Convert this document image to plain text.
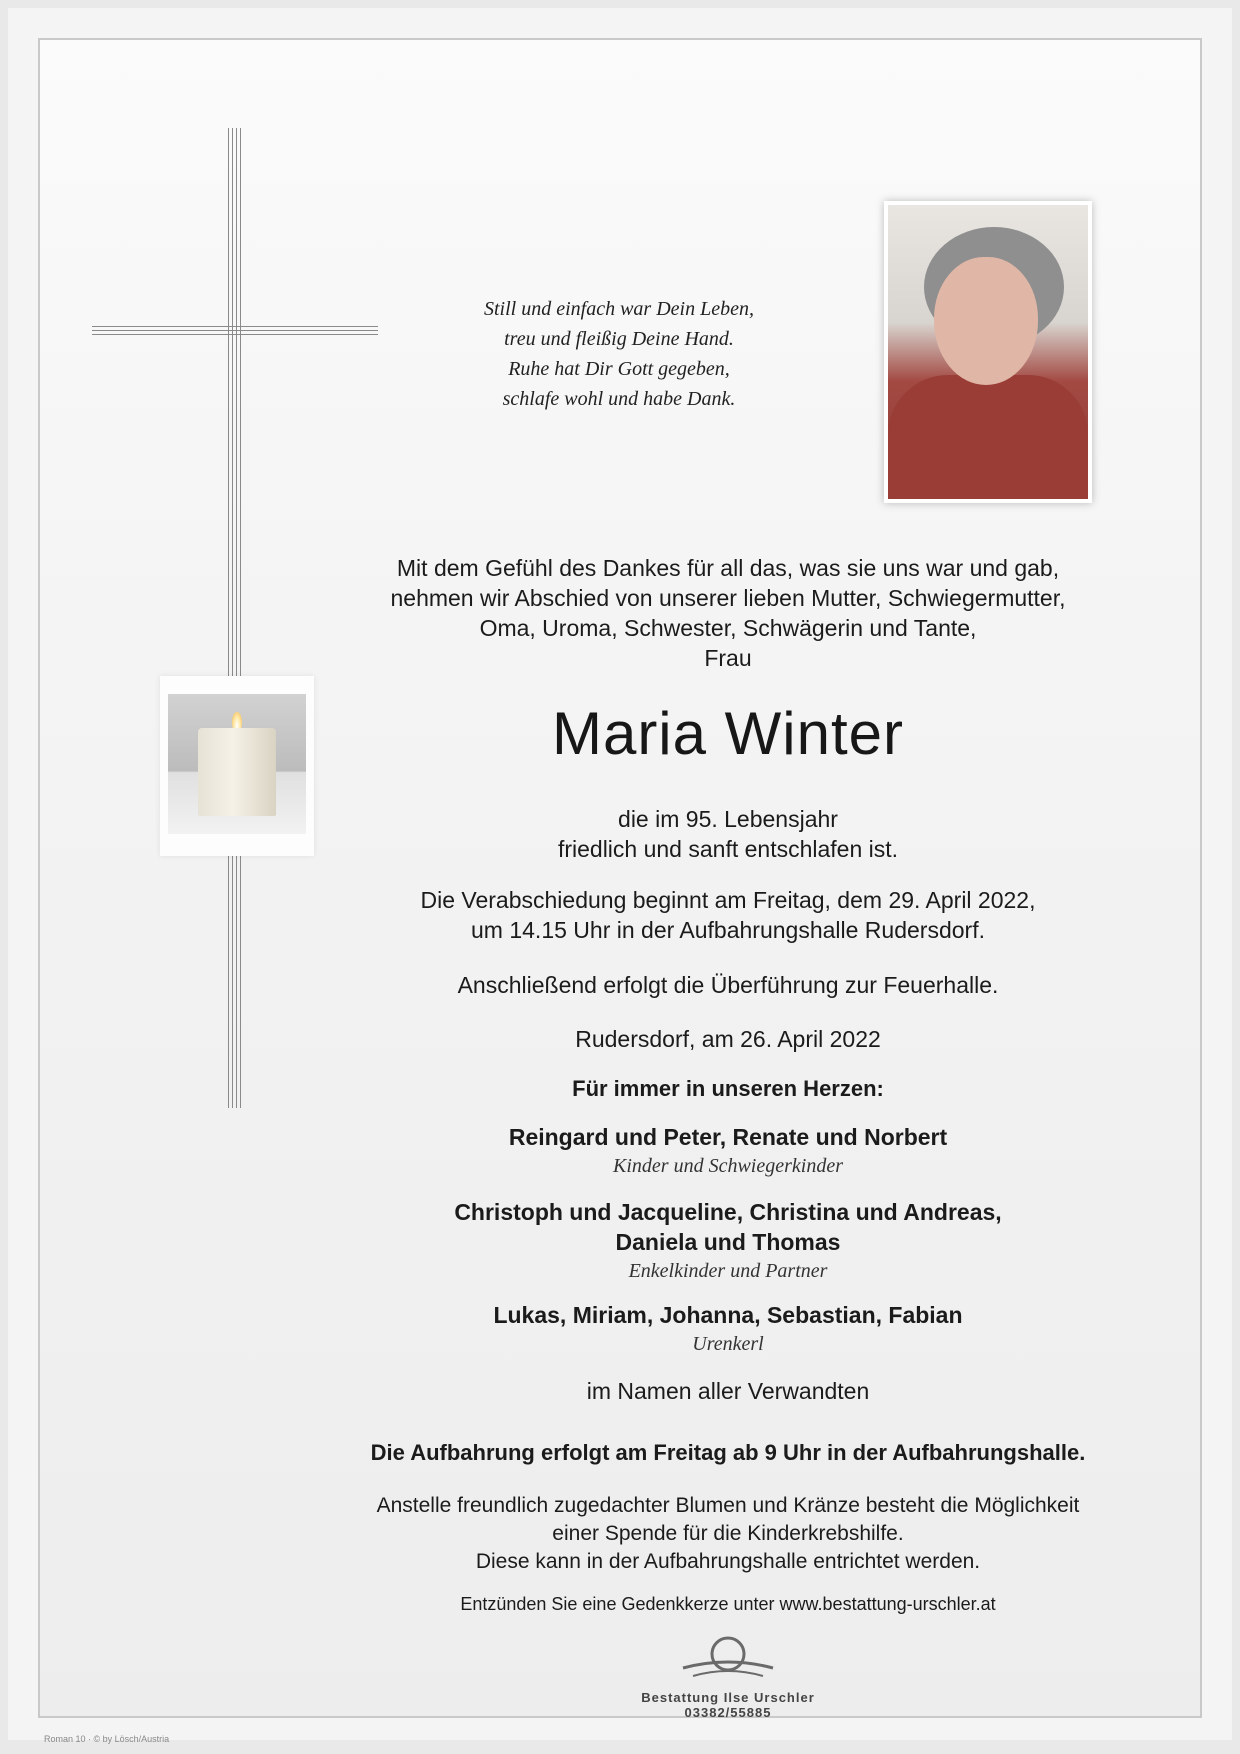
Still und einfach war Dein Leben,
treu und fleißig Deine Hand.
Ruhe hat Dir Gott gegeben,
schlafe wohl und habe Dank.
Mit dem Gefühl des Dankes für all das, was sie uns war und gab,
nehmen wir Abschied von unserer lieben Mutter, Schwiegermutter,
Oma, Uroma, Schwester, Schwägerin und Tante,
Frau
Maria Winter
die im 95. Lebensjahr
friedlich und sanft entschlafen ist.
Die Verabschiedung beginnt am Freitag, dem 29. April 2022,
um 14.15 Uhr in der Aufbahrungshalle Rudersdorf.
Anschließend erfolgt die Überführung zur Feuerhalle.
Rudersdorf, am 26. April 2022
Für immer in unseren Herzen:
Reingard und Peter, Renate und Norbert
Kinder und Schwiegerkinder
Christoph und Jacqueline, Christina und Andreas,
Daniela und Thomas
Enkelkinder und Partner
Lukas, Miriam, Johanna, Sebastian, Fabian
Urenkerl
im Namen aller Verwandten
Die Aufbahrung erfolgt am Freitag ab 9 Uhr in der Aufbahrungshalle.
Anstelle freundlich zugedachter Blumen und Kränze besteht die Möglichkeit
einer Spende für die Kinderkrebshilfe.
Diese kann in der Aufbahrungshalle entrichtet werden.
Entzünden Sie eine Gedenkkerze unter www.bestattung-urschler.at
Bestattung Ilse Urschler
03382/55885
Roman 10 · © by Lösch/Austria
